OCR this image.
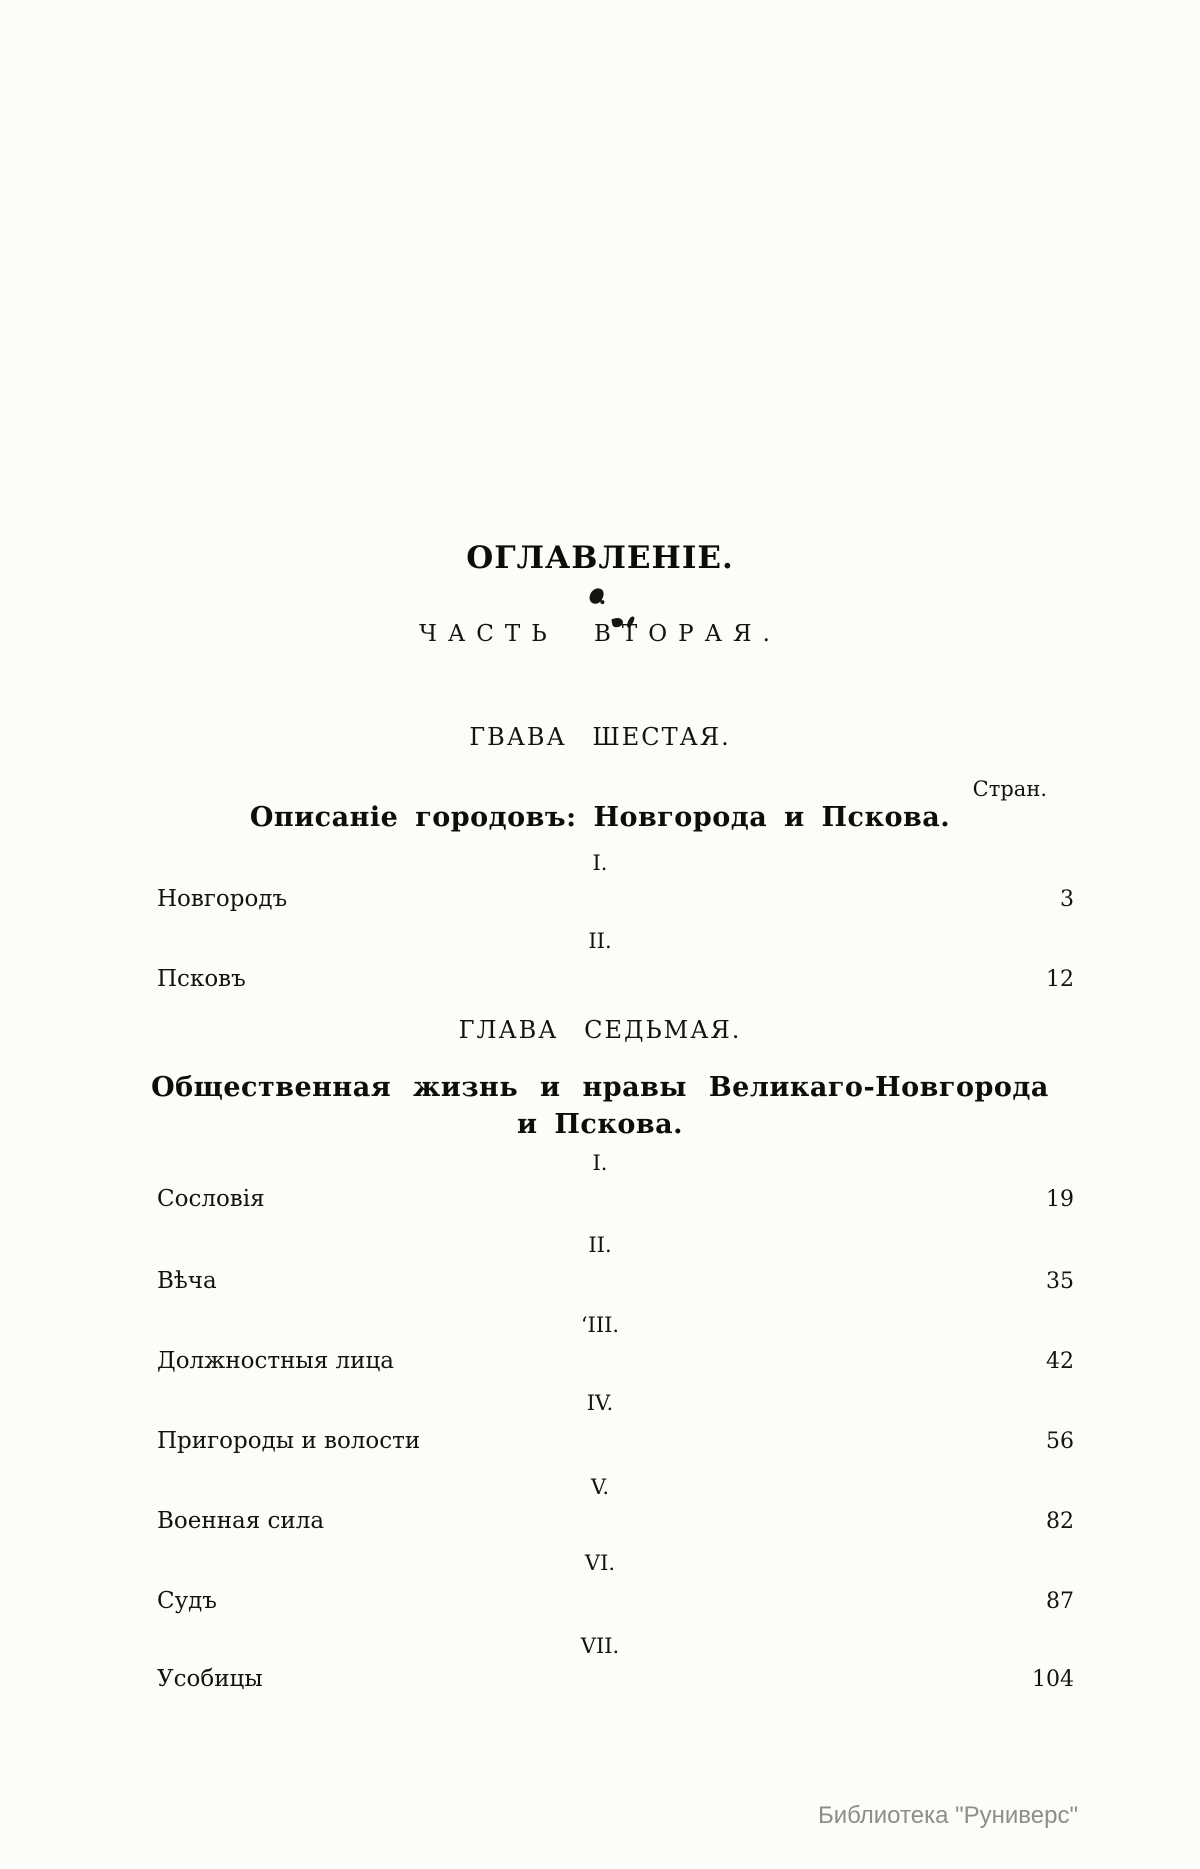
ОГЛАВЛЕНІЕ.
ЧАСТЬ ВТОРАЯ.
ГВАВА ШЕСТАЯ.
Стран.
Описаніе городовъ: Новгорода и Пскова.
I.
Новгородъ	3
II.
Псковъ	12
ГЛАВА СЕДЬМАЯ.
Общественная жизнь и нравы Великаго-Новгорода
и Пскова.
I.
Сословія	19
II.
Вѣча	35
‘III.
Должностныя лица	42
IV.
Пригороды и волости	56
V.
Военная сила	82
VI.
Судъ	87
VII.
Усобицы	104
Библиотека "Руниверс"
